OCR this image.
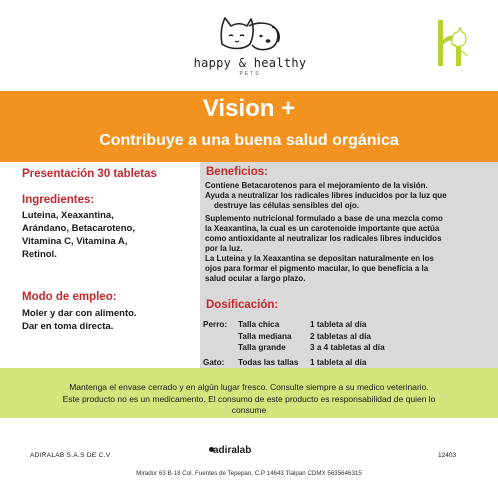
happy & healthy
PETS
Vision +
Contribuye a una buena salud orgánica
Presentación 30 tabletas
Ingredientes:
Luteina, Xeaxantina,
Arándano, Betacaroteno,
Vitamina C, Vitamina A,
Retinol.
Modo de empleo:
Moler y dar con alimento.
Dar en toma directa.
Beneficios:
Contiene Betacarotenos para el mejoramiento de la visión.
Ayuda a neutralizar los radicales libres inducidos por la luz que
destruye las células sensibles del ojo.
Suplemento nutricional formulado a base de una mezcla como
la Xeaxantina, la cual es un carotenoide importante que actúa
como antioxidante al neutralizar los radicales libres inducidos
por la luz.
La Luteina y la Xeaxantina se depositan naturalmente en los
ojos para formar el pigmento macular, lo que benefícia a la
salud ocular a largo plazo.
Dosificación:
Perro: Talla chica	1 tableta al día
Talla mediana 2 tabletas al día
Talla grande	3 a 4 tabletas al día
Gato: Todas las tallas 1 tableta al día
Mantenga el envase cerrado y en algún lugar fresco. Consulte siempre a su medico veterinario.
Este producto no es un medicamento. El consumo de este producto es responsabilidad de quien lo
consume
ADIRALAB S.A.S DE C.V	adiralab	12403
Mirador 63 B-18 Col. Fuentes de Tepepan, C.P 14643 Tlalpan CDMX 5635646315
